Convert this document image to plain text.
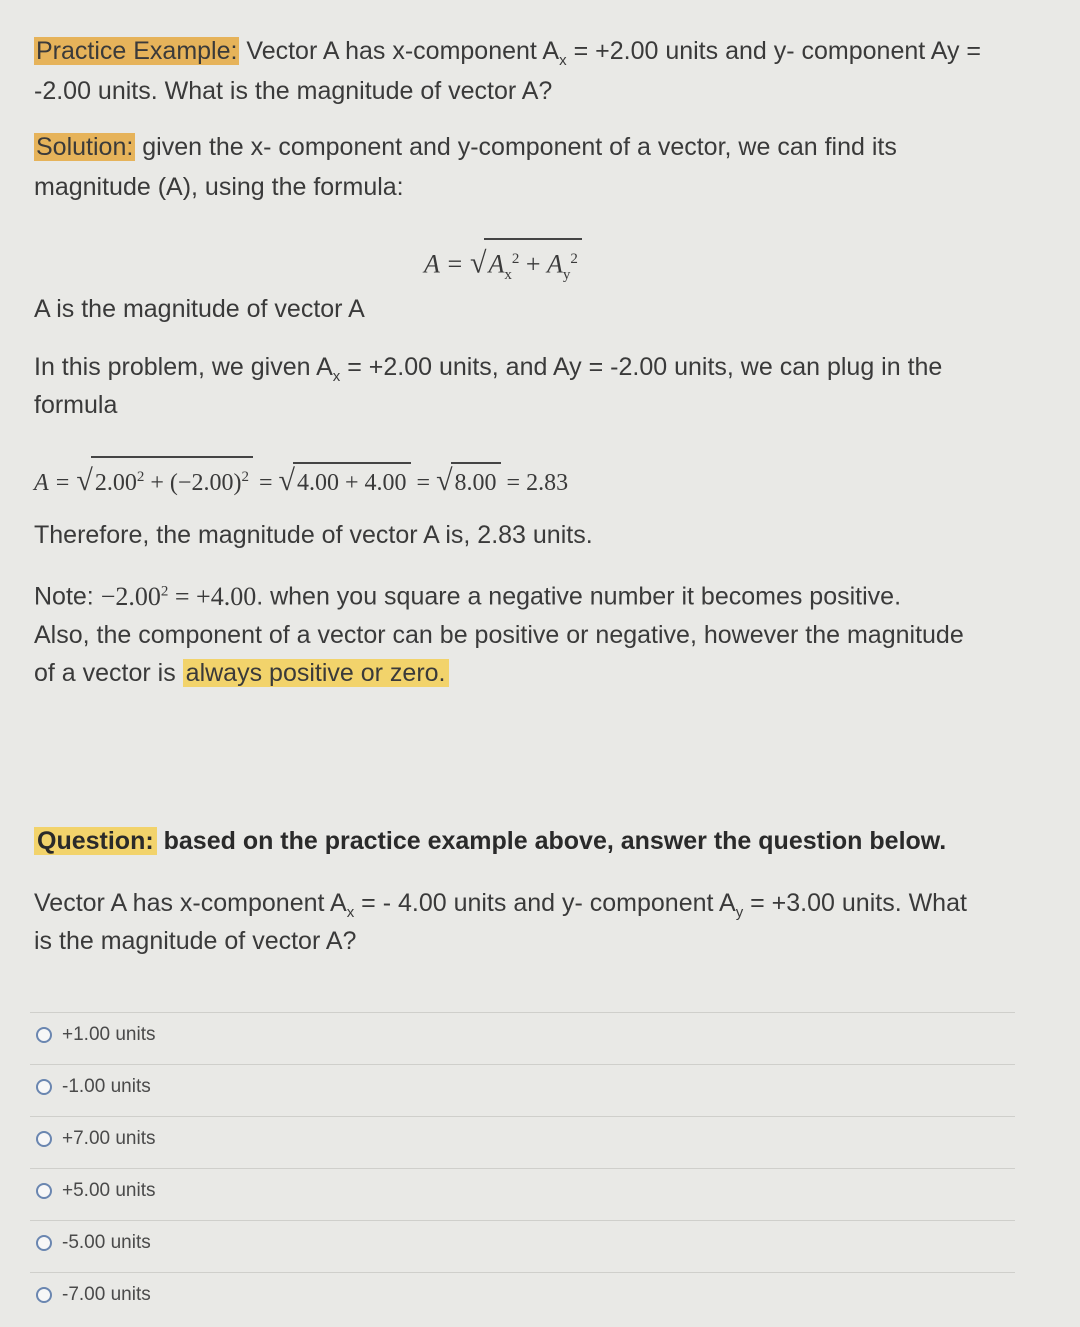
Practice Example: Vector A has x-component $A_x = +2.00$ units and y- component Ay =
-2.00 units. What is the magnitude of vector A?
Solution: given the x- component and y-component of a vector, we can find its
magnitude (A), using the formula:
$A = √A_x^2 + A_y^2$
A is the magnitude of vector A
In this problem, we given $A_x = +2.00$ units, and Ay = -2.00 units, we can plug in the
formula
$A = √2.00^2 + (-2.00)^2 = √4.00 + 4.00 = √8.00 = 2.83$
Therefore, the magnitude of vector A is, 2.83 units.
Note: $-2.00^2 = +4.00$. when you square a negative number it becomes positive.
Also, the component of a vector can be positive or negative, however the magnitude
of a vector is always positive or zero.
Question: based on the practice example above, answer the question below.
Vector A has x-component $A_x$ = - 4.00 units and y- component $A_y = +3.00$ units. What
is the magnitude of vector A?
+1.00 units
-1.00 units
+7.00 units
+5.00 units
-5.00 units
-7.00 units
